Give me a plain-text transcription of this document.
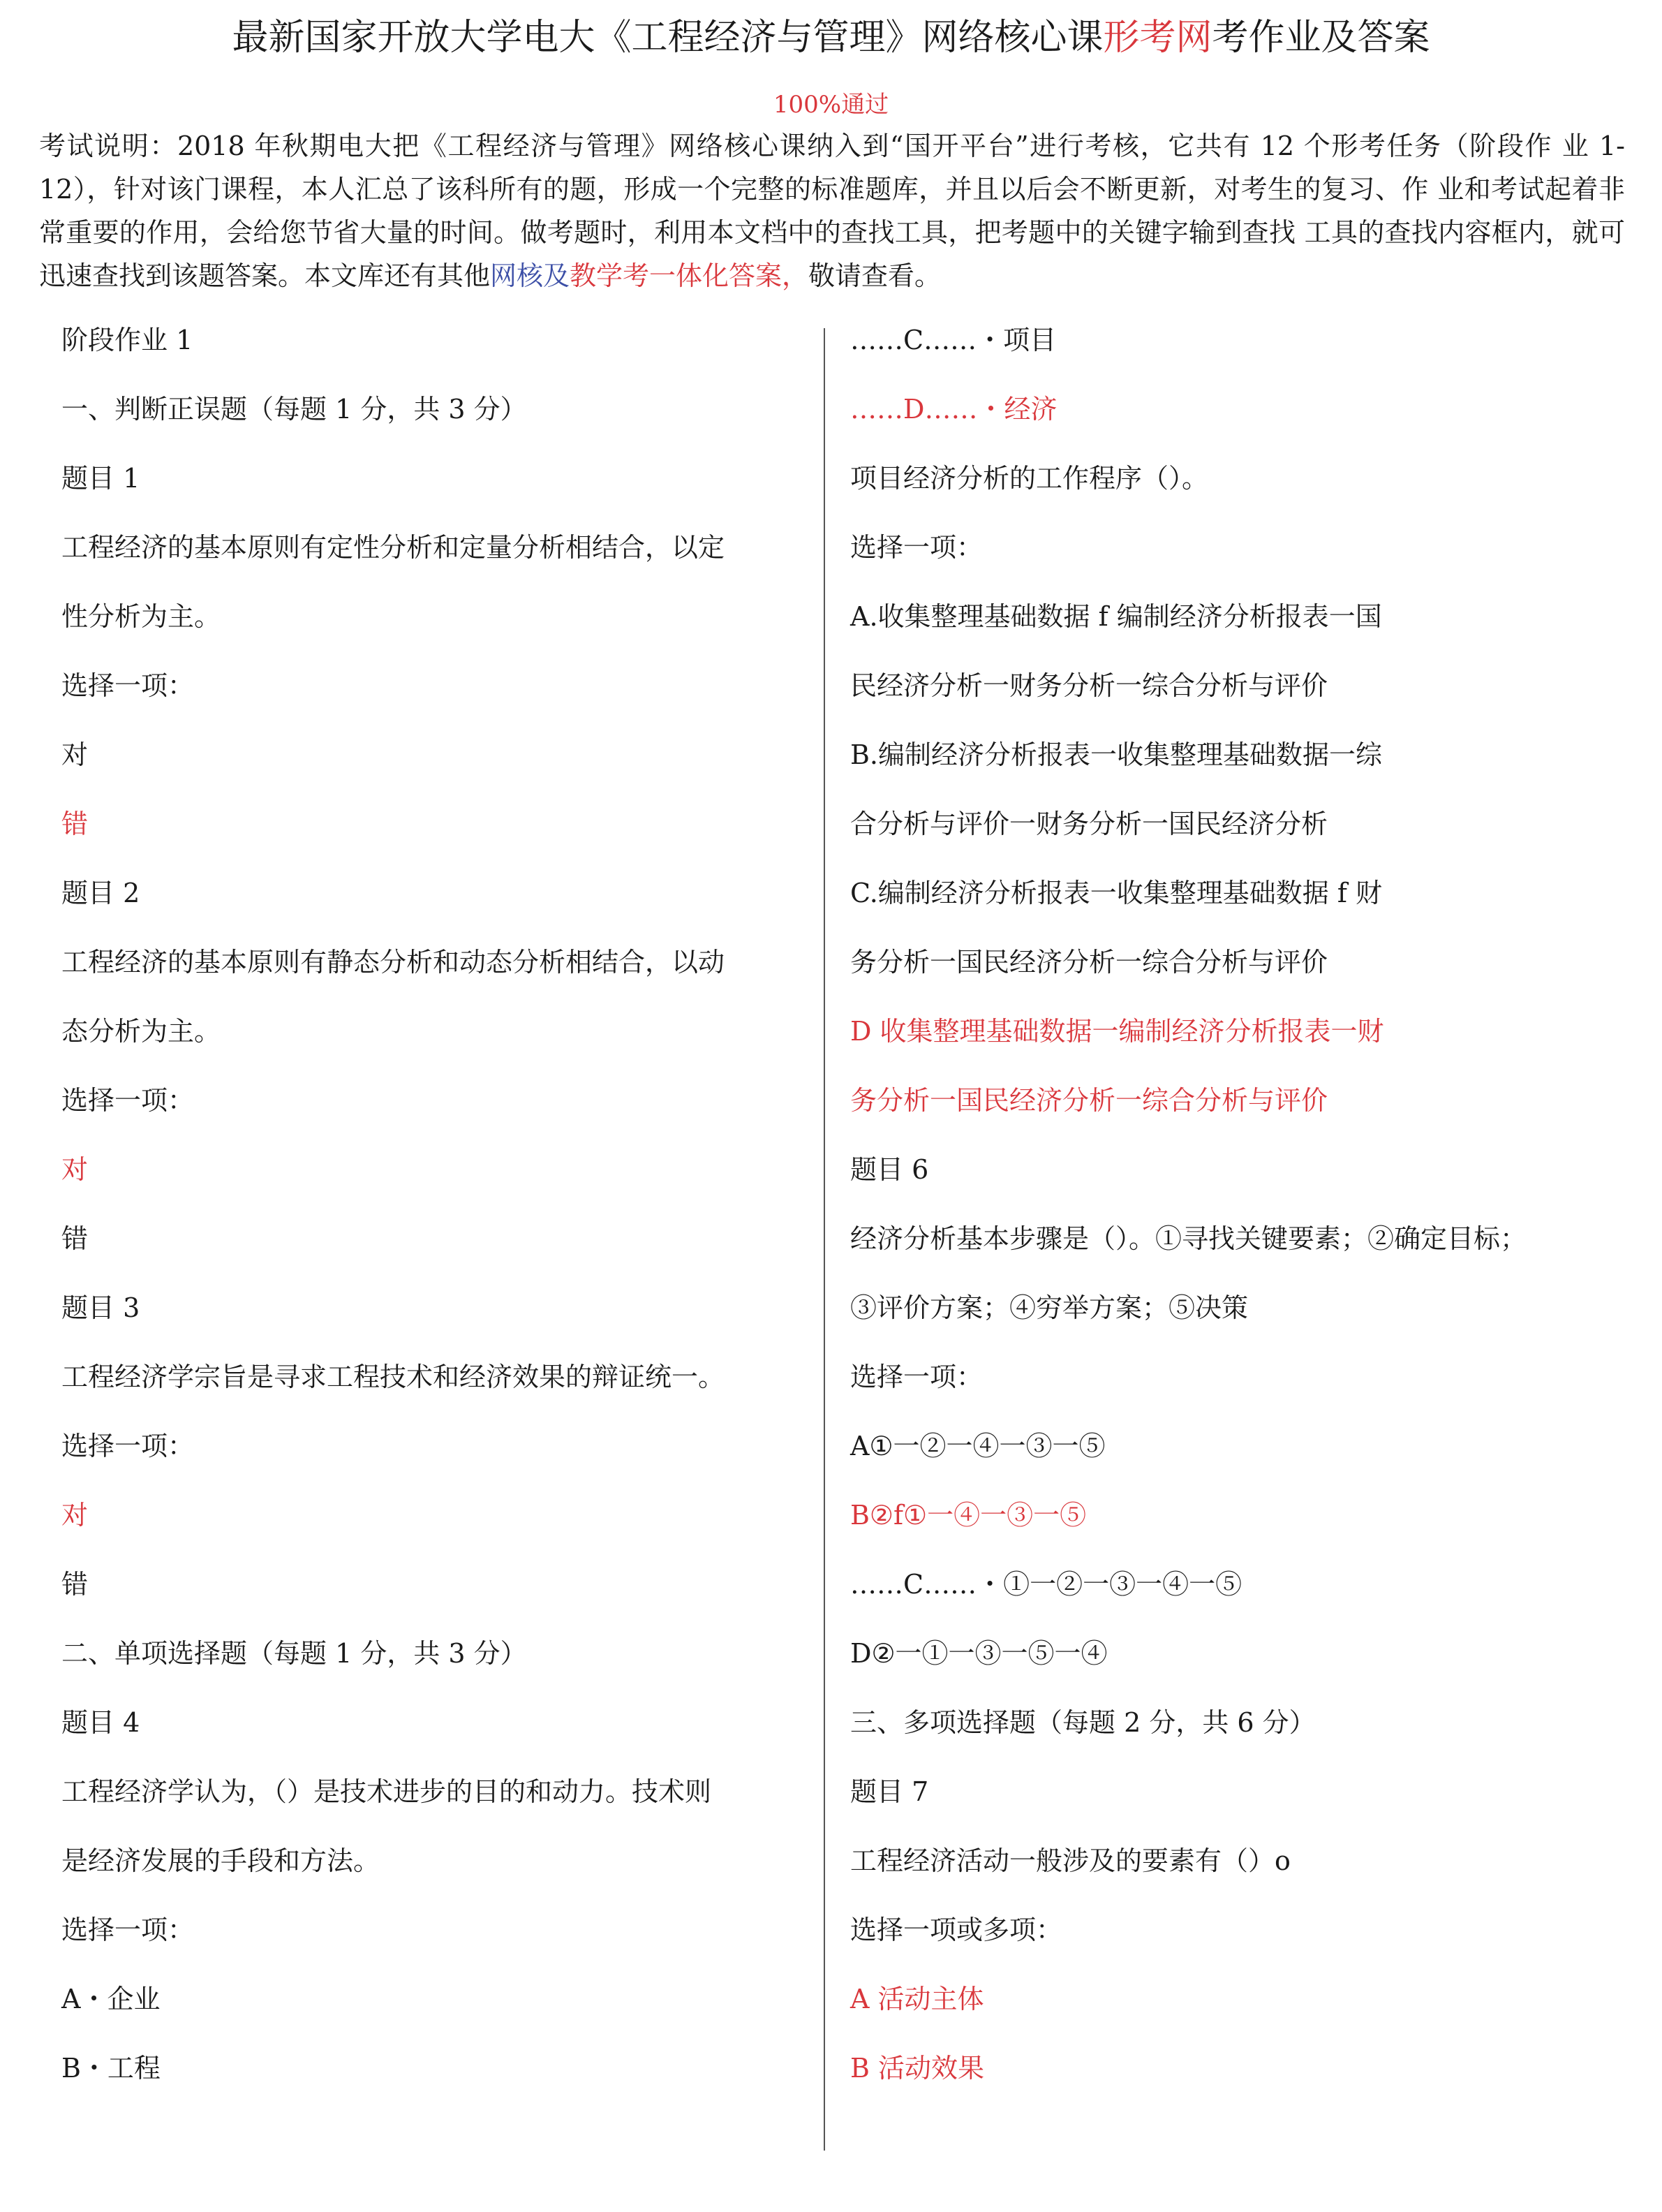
最新国家开放大学电大《工程经济与管理》网络核心课形考网考作业及答案
100%通过
考试说明：2018 年秋期电大把《工程经济与管理》网络核心课纳入到“国开平台”进行考核，它共有 12 个形考任务（阶段作 业 1-12），针对该门课程，本人汇总了该科所有的题，形成一个完整的标准题库，并且以后会不断更新，对考生的复习、作 业和考试起着非常重要的作用，会给您节省大量的时间。做考题时，利用本文档中的查找工具，把考题中的关键字输到查找 工具的查找内容框内，就可迅速查找到该题答案。本文库还有其他网核及教学考一体化答案，敬请查看。
阶段作业 1
一、判断正误题（每题 1 分，共 3 分）
题目 1
工程经济的基本原则有定性分析和定量分析相结合，以定
性分析为主。
选择一项：
对
错
题目 2
工程经济的基本原则有静态分析和动态分析相结合，以动
态分析为主。
选择一项：
对
错
题目 3
工程经济学宗旨是寻求工程技术和经济效果的辩证统一。
选择一项：
对
错
二、单项选择题（每题 1 分，共 3 分）
题目 4
工程经济学认为，（）是技术进步的目的和动力。技术则
是经济发展的手段和方法。
选择一项：
A・企业
B・工程
……C……・项目
……D……・经济
项目经济分析的工作程序（）。
选择一项：
A.收集整理基础数据 f 编制经济分析报表一国
民经济分析一财务分析一综合分析与评价
B.编制经济分析报表一收集整理基础数据一综
合分析与评价一财务分析一国民经济分析
C.编制经济分析报表一收集整理基础数据 f 财
务分析一国民经济分析一综合分析与评价
D 收集整理基础数据一编制经济分析报表一财
务分析一国民经济分析一综合分析与评价
题目 6
经济分析基本步骤是（）。①寻找关键要素；②确定目标；
③评价方案；④穷举方案；⑤决策
选择一项：
A①一②一④一③一⑤
B②f①一④一③一⑤
……C……・①一②一③一④一⑤
D②一①一③一⑤一④
三、多项选择题（每题 2 分，共 6 分）
题目 7
工程经济活动一般涉及的要素有（）o
选择一项或多项：
A 活动主体
B 活动效果
